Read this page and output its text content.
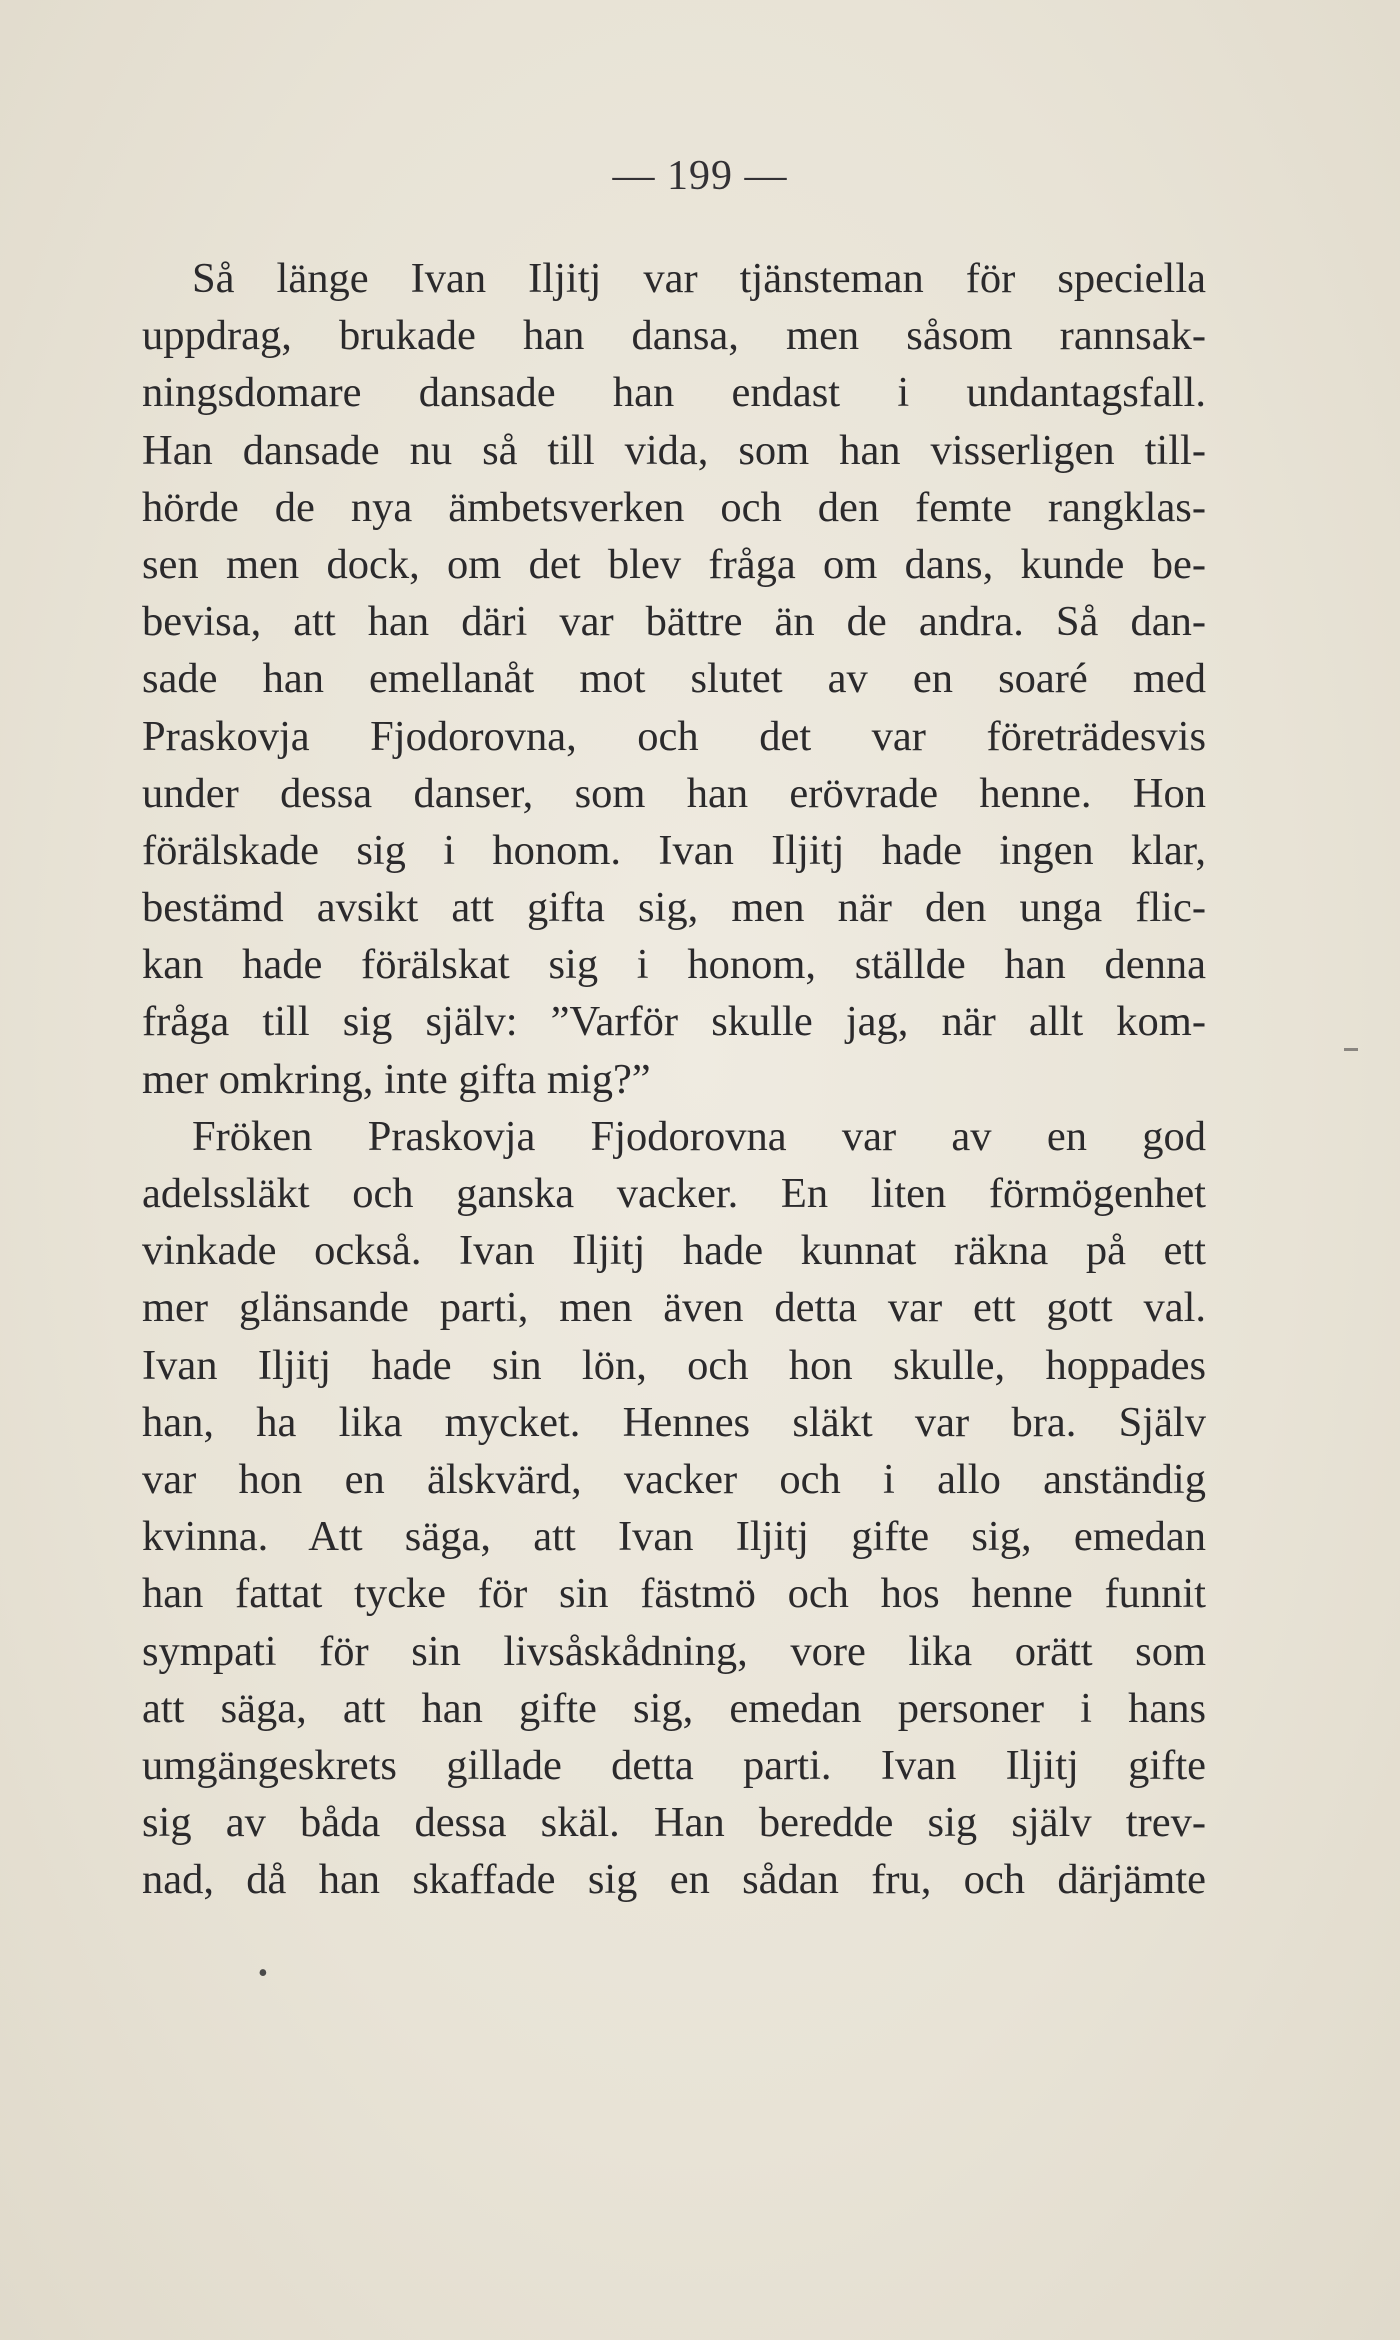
— 199 —
Så länge Ivan Iljitj var tjänsteman för speciella
uppdrag, brukade han dansa, men såsom rannsak-
ningsdomare dansade han endast i undantagsfall.
Han dansade nu så till vida, som han visserligen till-
hörde de nya ämbetsverken och den femte rangklas-
sen men dock, om det blev fråga om dans, kunde be-
bevisa, att han däri var bättre än de andra. Så dan-
sade han emellanåt mot slutet av en soaré med
Praskovja Fjodorovna, och det var företrädesvis
under dessa danser, som han erövrade henne. Hon
förälskade sig i honom. Ivan Iljitj hade ingen klar,
bestämd avsikt att gifta sig, men när den unga flic-
kan hade förälskat sig i honom, ställde han denna
fråga till sig själv: ”Varför skulle jag, när allt kom-
mer omkring, inte gifta mig?”
Fröken Praskovja Fjodorovna var av en god
adelssläkt och ganska vacker. En liten förmögenhet
vinkade också. Ivan Iljitj hade kunnat räkna på ett
mer glänsande parti, men även detta var ett gott val.
Ivan Iljitj hade sin lön, och hon skulle, hoppades
han, ha lika mycket. Hennes släkt var bra. Själv
var hon en älskvärd, vacker och i allo anständig
kvinna. Att säga, att Ivan Iljitj gifte sig, emedan
han fattat tycke för sin fästmö och hos henne funnit
sympati för sin livsåskådning, vore lika orätt som
att säga, att han gifte sig, emedan personer i hans
umgängeskrets gillade detta parti. Ivan Iljitj gifte
sig av båda dessa skäl. Han beredde sig själv trev-
nad, då han skaffade sig en sådan fru, och därjämte
•
